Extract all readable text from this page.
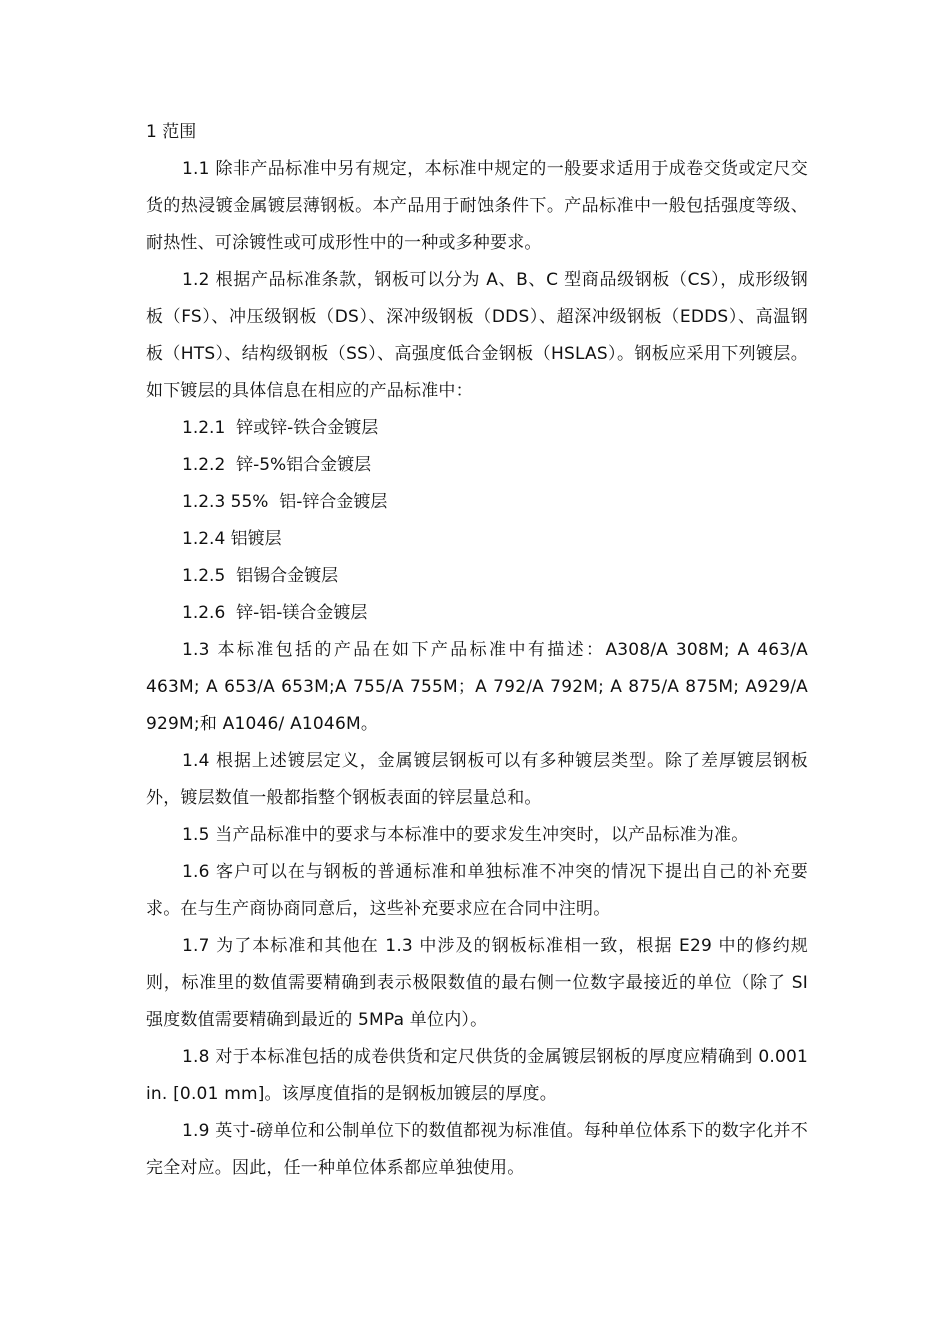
1 范围

1.1 除非产品标准中另有规定，本标准中规定的一般要求适用于成卷交货或定尺交货的热浸镀金属镀层薄钢板。本产品用于耐蚀条件下。产品标准中一般包括强度等级、耐热性、可涂镀性或可成形性中的一种或多种要求。

1.2 根据产品标准条款，钢板可以分为 A、B、C 型商品级钢板（CS），成形级钢板（FS）、冲压级钢板（DS）、深冲级钢板（DDS）、超深冲级钢板（EDDS）、高温钢板（HTS）、结构级钢板（SS）、高强度低合金钢板（HSLAS）。钢板应采用下列镀层。如下镀层的具体信息在相应的产品标准中：

1.2.1  锌或锌-铁合金镀层

1.2.2  锌-5%铝合金镀层

1.2.3 55%  铝-锌合金镀层

1.2.4 铝镀层

1.2.5  铝锡合金镀层

1.2.6  锌-铝-镁合金镀层

1.3 本标准包括的产品在如下产品标准中有描述：A308/A 308M; A 463/A 463M; A 653/A 653M;A 755/A 755M；A 792/A 792M; A 875/A 875M; A929/A 929M;和 A1046/ A1046M。

1.4 根据上述镀层定义，金属镀层钢板可以有多种镀层类型。除了差厚镀层钢板外，镀层数值一般都指整个钢板表面的锌层量总和。

1.5 当产品标准中的要求与本标准中的要求发生冲突时，以产品标准为准。

1.6 客户可以在与钢板的普通标准和单独标准不冲突的情况下提出自己的补充要求。在与生产商协商同意后，这些补充要求应在合同中注明。

1.7 为了本标准和其他在 1.3 中涉及的钢板标准相一致，根据 E29 中的修约规则，标准里的数值需要精确到表示极限数值的最右侧一位数字最接近的单位（除了 SI 强度数值需要精确到最近的 5MPa 单位内）。

1.8 对于本标准包括的成卷供货和定尺供货的金属镀层钢板的厚度应精确到 0.001 in. [0.01 mm]。该厚度值指的是钢板加镀层的厚度。

1.9 英寸-磅单位和公制单位下的数值都视为标准值。每种单位体系下的数字化并不完全对应。因此，任一种单位体系都应单独使用。
